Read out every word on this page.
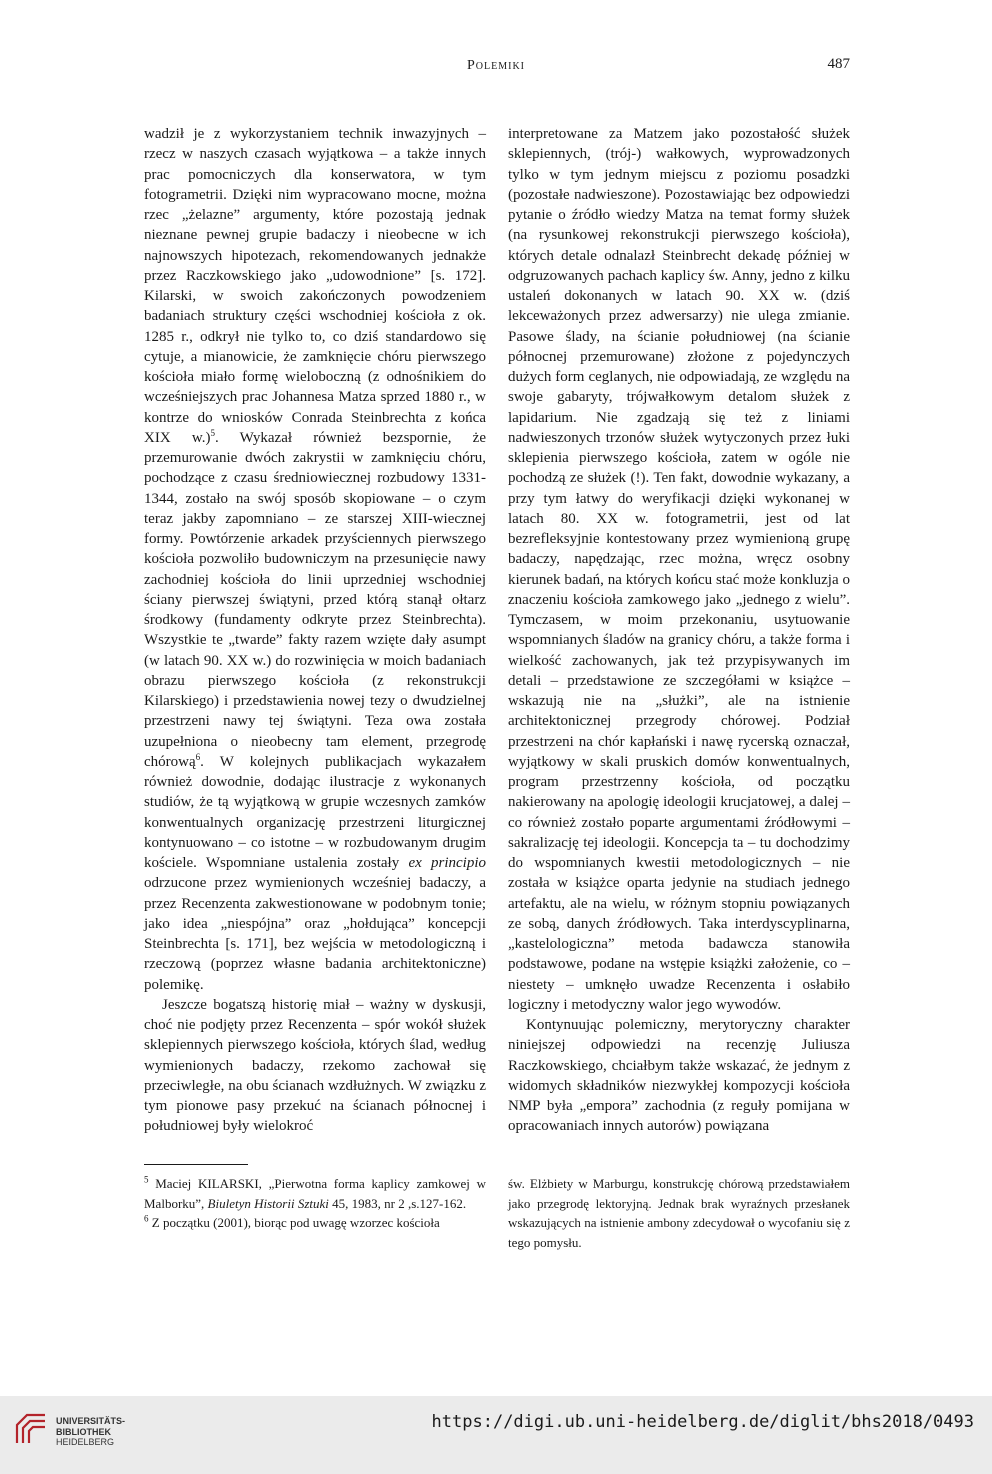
Polemiki	487

wadził je z wykorzystaniem technik inwazyjnych – rzecz w naszych czasach wyjątkowa – a także innych prac pomocniczych dla konserwatora, w tym fotogrametrii. Dzięki nim wypracowano mocne, można rzec „żelazne” argumenty, które pozostają jednak nieznane pewnej grupie badaczy i nieobecne w ich najnowszych hipotezach, rekomendowanych jednakże przez Raczkowskiego jako „udowodnione” [s. 172]. Kilarski, w swoich zakończonych powodzeniem badaniach struktury części wschodniej kościoła z ok. 1285 r., odkrył nie tylko to, co dziś standardowo się cytuje, a mianowicie, że zamknięcie chóru pierwszego kościoła miało formę wieloboczną (z odnośnikiem do wcześniejszych prac Johannesa Matza sprzed 1880 r., w kontrze do wniosków Conrada Steinbrechta z końca XIX w.)$^5$. Wykazał również bezspornie, że przemurowanie dwóch zakrystii w zamknięciu chóru, pochodzące z czasu średniowiecznej rozbudowy 1331-1344, zostało na swój sposób skopiowane – o czym teraz jakby zapomniano – ze starszej XIII-wiecznej formy. Powtórzenie arkadek przyściennych pierwszego kościoła pozwoliło budowniczym na przesunięcie nawy zachodniej kościoła do linii uprzedniej wschodniej ściany pierwszej świątyni, przed którą stanął ołtarz środkowy (fundamenty odkryte przez Steinbrechta). Wszystkie te „twarde” fakty razem wzięte dały asumpt (w latach 90. XX w.) do rozwinięcia w moich badaniach obrazu pierwszego kościoła (z rekonstrukcji Kilarskiego) i przedstawienia nowej tezy o dwudzielnej przestrzeni nawy tej świątyni. Teza owa została uzupełniona o nieobecny tam element, przegrodę chórową$^6$. W kolejnych publikacjach wykazałem również dowodnie, dodając ilustracje z wykonanych studiów, że tą wyjątkową w grupie wczesnych zamków konwentualnych organizację przestrzeni liturgicznej kontynuowano – co istotne – w rozbudowanym drugim kościele. Wspomniane ustalenia zostały ex principio odrzucone przez wymienionych wcześniej badaczy, a przez Recenzenta zakwestionowane w podobnym tonie; jako idea „niespójna” oraz „hołdująca” koncepcji Steinbrechta [s. 171], bez wejścia w metodologiczną i rzeczową (poprzez własne badania architektoniczne) polemikę.

Jeszcze bogatszą historię miał – ważny w dyskusji, choć nie podjęty przez Recenzenta – spór wokół służek sklepiennych pierwszego kościoła, których ślad, według wymienionych badaczy, rzekomo zachował się przeciwległe, na obu ścianach wzdłużnych. W związku z tym pionowe pasy przekuć na ścianach północnej i południowej były wielokroć

interpretowane za Matzem jako pozostałość służek sklepiennych, (trój-) wałkowych, wyprowadzonych tylko w tym jednym miejscu z poziomu posadzki (pozostałe nadwieszone). Pozostawiając bez odpowiedzi pytanie o źródło wiedzy Matza na temat formy służek (na rysunkowej rekonstrukcji pierwszego kościoła), których detale odnalazł Steinbrecht dekadę później w odgruzowanych pachach kaplicy św. Anny, jedno z kilku ustaleń dokonanych w latach 90. XX w. (dziś lekceważonych przez adwersarzy) nie ulega zmianie. Pasowe ślady, na ścianie południowej (na ścianie północnej przemurowane) złożone z pojedynczych dużych form ceglanych, nie odpowiadają, ze względu na swoje gabaryty, trójwałkowym detalom służek z lapidarium. Nie zgadzają się też z liniami nadwieszonych trzonów służek wytyczonych przez łuki sklepienia pierwszego kościoła, zatem w ogóle nie pochodzą ze służek (!). Ten fakt, dowodnie wykazany, a przy tym łatwy do weryfikacji dzięki wykonanej w latach 80. XX w. fotogrametrii, jest od lat bezrefleksyjnie kontestowany przez wymienioną grupę badaczy, napędzając, rzec można, wręcz osobny kierunek badań, na których końcu stać może konkluzja o znaczeniu kościoła zamkowego jako „jednego z wielu”. Tymczasem, w moim przekonaniu, usytuowanie wspomnianych śladów na granicy chóru, a także forma i wielkość zachowanych, jak też przypisywanych im detali – przedstawione ze szczegółami w książce – wskazują nie na „służki”, ale na istnienie architektonicznej przegrody chórowej. Podział przestrzeni na chór kapłański i nawę rycerską oznaczał, wyjątkowy w skali pruskich domów konwentualnych, program przestrzenny kościoła, od początku nakierowany na apologię ideologii krucjatowej, a dalej – co również zostało poparte argumentami źródłowymi – sakralizację tej ideologii. Koncepcja ta – tu dochodzimy do wspomnianych kwestii metodologicznych – nie została w książce oparta jedynie na studiach jednego artefaktu, ale na wielu, w różnym stopniu powiązanych ze sobą, danych źródłowych. Taka interdyscyplinarna, „kastelologiczna” metoda badawcza stanowiła podstawowe, podane na wstępie książki założenie, co – niestety – umknęło uwadze Recenzenta i osłabiło logiczny i metodyczny walor jego wywodów.

Kontynuując polemiczny, merytoryczny charakter niniejszej odpowiedzi na recenzję Juliusza Raczkowskiego, chciałbym także wskazać, że jednym z widomych składników niezwykłej kompozycji kościoła NMP była „empora” zachodnia (z reguły pomijana w opracowaniach innych autorów) powiązana

$^5$ Maciej KILARSKI, „Pierwotna forma kaplicy zamkowej w Malborku”, Biuletyn Historii Sztuki 45, 1983, nr 2 ,s.127-162.

$^6$ Z początku (2001), biorąc pod uwagę wzorzec kościoła

św. Elżbiety w Marburgu, konstrukcję chórową przedstawiałem jako przegrodę lektoryjną. Jednak brak wyraźnych przesłanek wskazujących na istnienie ambony zdecydował o wycofaniu się z tego pomysłu.

UNIVERSITÄTS-
BIBLIOTHEK
HEIDELBERG
https://digi.ub.uni-heidelberg.de/diglit/bhs2018/0493
